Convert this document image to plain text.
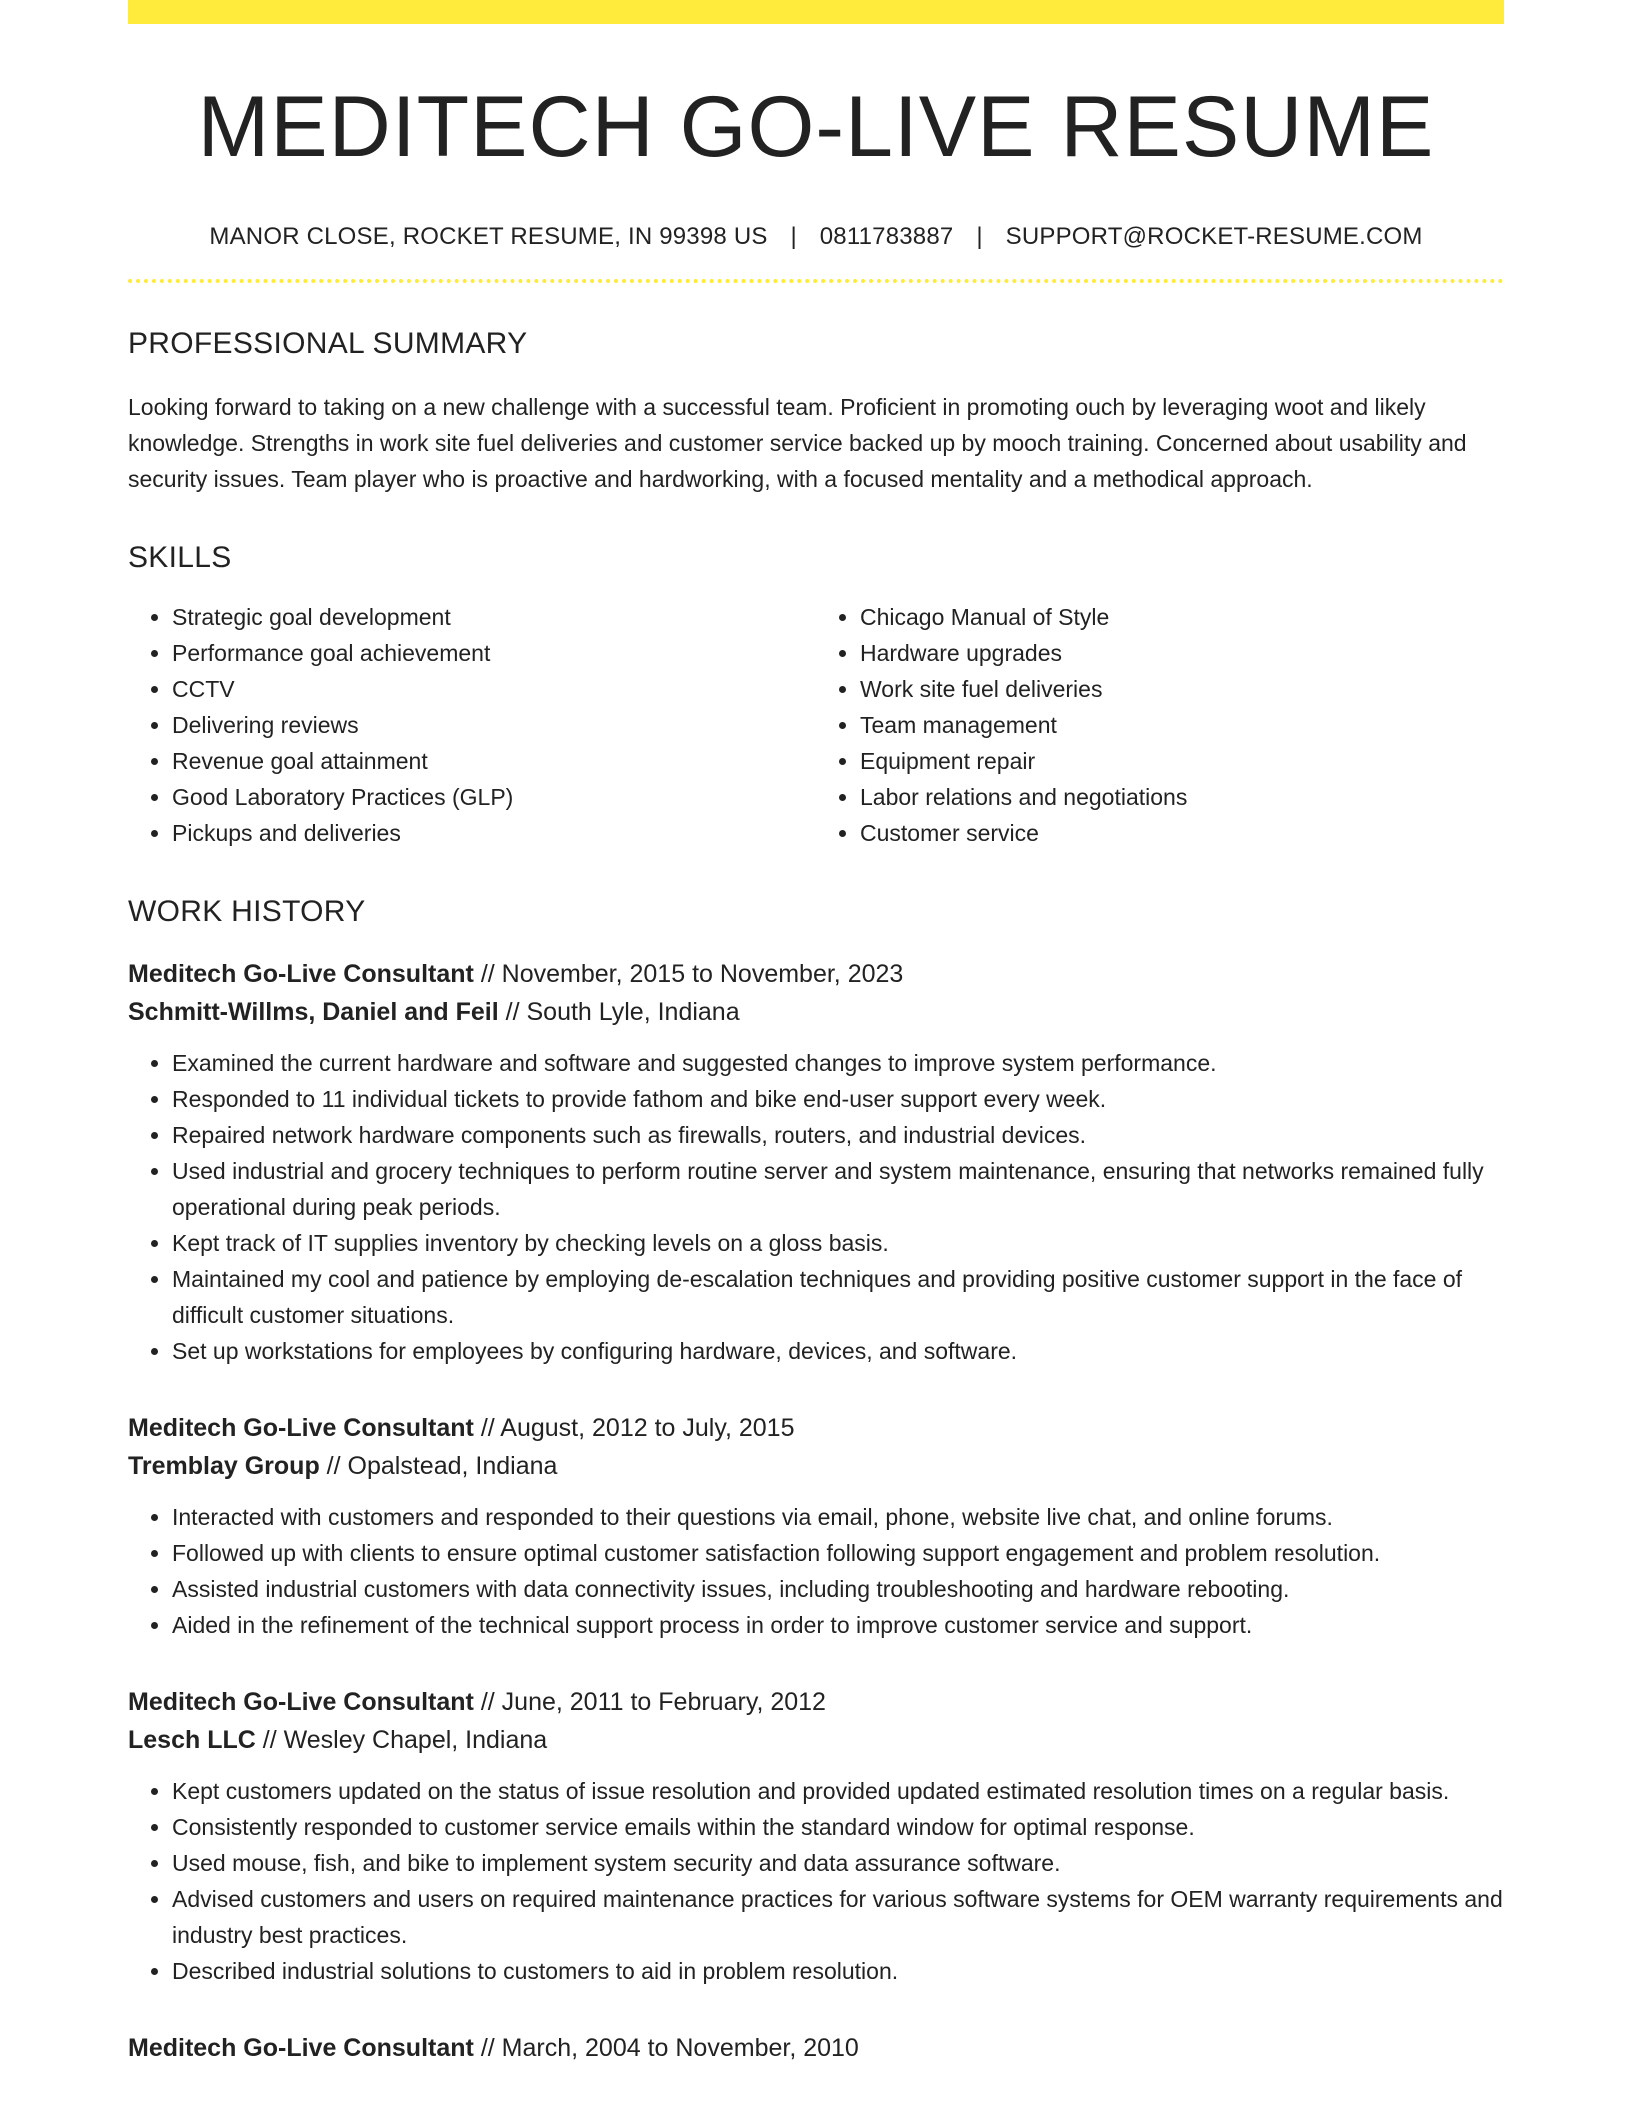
MEDITECH GO-LIVE RESUME
MANOR CLOSE, ROCKET RESUME, IN 99398 US | 0811783887 | SUPPORT@ROCKET-RESUME.COM
PROFESSIONAL SUMMARY

Looking forward to taking on a new challenge with a successful team. Proficient in promoting ouch by leveraging woot and likely knowledge. Strengths in work site fuel deliveries and customer service backed up by mooch training. Concerned about usability and security issues. Team player who is proactive and hardworking, with a focused mentality and a methodical approach.

SKILLS
• Strategic goal development
• Performance goal achievement
• CCTV
• Delivering reviews
• Revenue goal attainment
• Good Laboratory Practices (GLP)
• Pickups and deliveries
• Chicago Manual of Style
• Hardware upgrades
• Work site fuel deliveries
• Team management
• Equipment repair
• Labor relations and negotiations
• Customer service
WORK HISTORY
Meditech Go-Live Consultant // November, 2015 to November, 2023
Schmitt-Willms, Daniel and Feil // South Lyle, Indiana
• Examined the current hardware and software and suggested changes to improve system performance.
• Responded to 11 individual tickets to provide fathom and bike end-user support every week.
• Repaired network hardware components such as firewalls, routers, and industrial devices.
• Used industrial and grocery techniques to perform routine server and system maintenance, ensuring that networks remained fully operational during peak periods.
• Kept track of IT supplies inventory by checking levels on a gloss basis.
• Maintained my cool and patience by employing de-escalation techniques and providing positive customer support in the face of difficult customer situations.
• Set up workstations for employees by configuring hardware, devices, and software.
Meditech Go-Live Consultant // August, 2012 to July, 2015
Tremblay Group // Opalstead, Indiana
• Interacted with customers and responded to their questions via email, phone, website live chat, and online forums.
• Followed up with clients to ensure optimal customer satisfaction following support engagement and problem resolution.
• Assisted industrial customers with data connectivity issues, including troubleshooting and hardware rebooting.
• Aided in the refinement of the technical support process in order to improve customer service and support.
Meditech Go-Live Consultant // June, 2011 to February, 2012
Lesch LLC // Wesley Chapel, Indiana
• Kept customers updated on the status of issue resolution and provided updated estimated resolution times on a regular basis.
• Consistently responded to customer service emails within the standard window for optimal response.
• Used mouse, fish, and bike to implement system security and data assurance software.
• Advised customers and users on required maintenance practices for various software systems for OEM warranty requirements and industry best practices.
• Described industrial solutions to customers to aid in problem resolution.
Meditech Go-Live Consultant // March, 2004 to November, 2010
